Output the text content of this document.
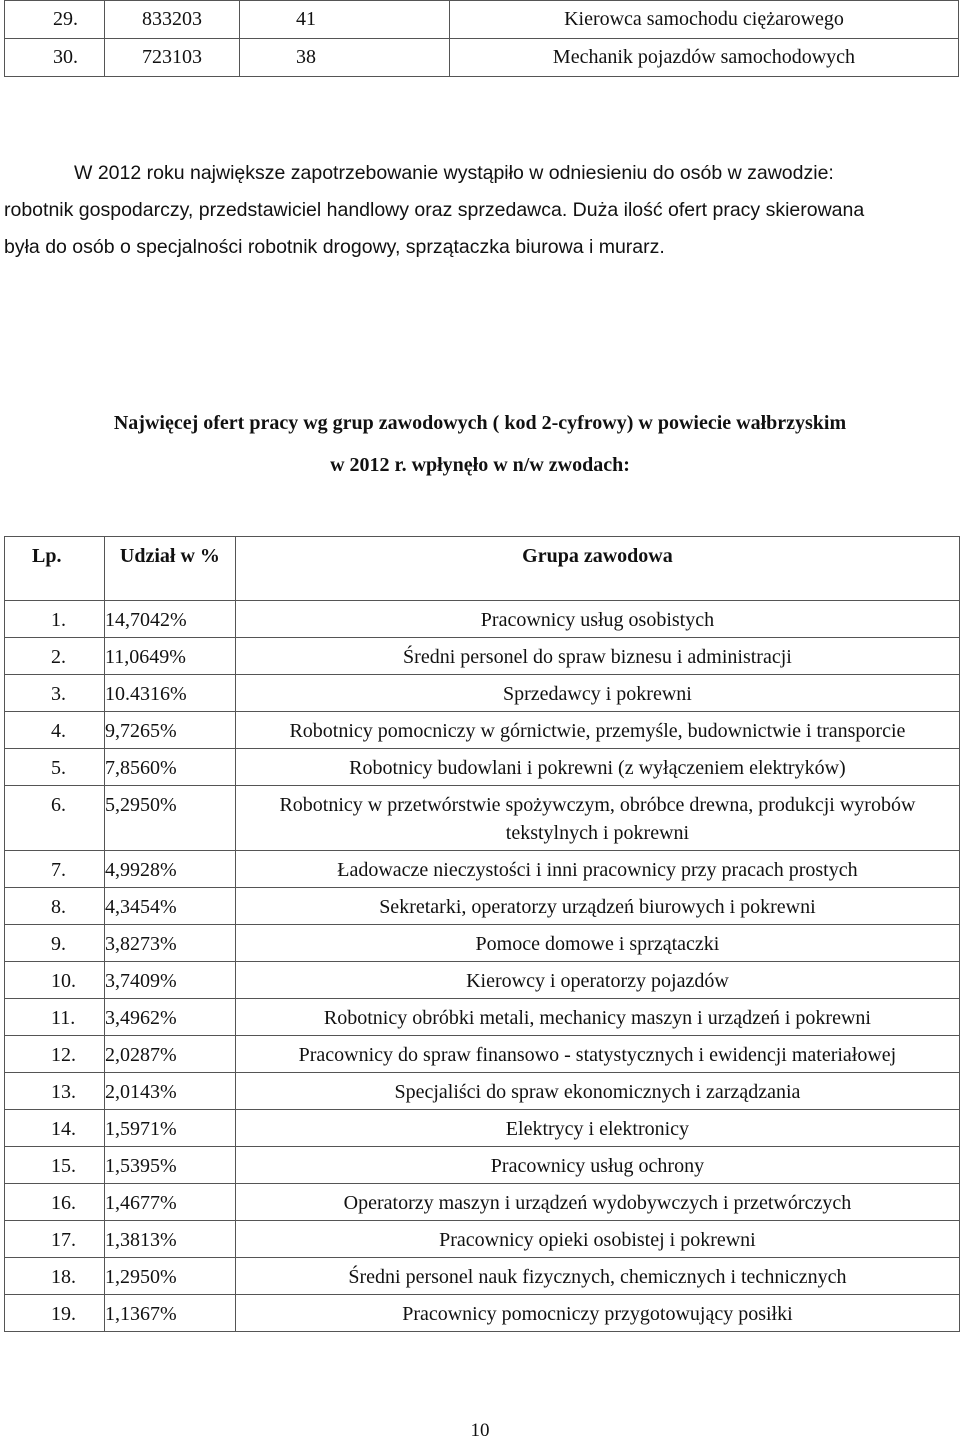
29.	833203	41	Kierowca samochodu ciężarowego
30.	723103	38	Mechanik pojazdów samochodowych

W 2012 roku największe zapotrzebowanie wystąpiło w odniesieniu do osób w zawodzie:
robotnik gospodarczy, przedstawiciel handlowy oraz sprzedawca. Duża ilość ofert pracy skierowana
była do osób o specjalności robotnik drogowy, sprzątaczka biurowa i murarz.

Najwięcej ofert pracy wg grup zawodowych ( kod 2-cyfrowy) w powiecie wałbrzyskim
w 2012 r. wpłynęło w n/w zwodach:
Lp.	Udział w %	Grupa zawodowa
1.	14,7042%	Pracownicy usług osobistych
2.	11,0649%	Średni personel do spraw biznesu i administracji
3.	10.4316%	Sprzedawcy i pokrewni
4.	9,7265%	Robotnicy pomocniczy w górnictwie, przemyśle, budownictwie i transporcie
5.	7,8560%	Robotnicy budowlani i pokrewni (z wyłączeniem elektryków)
6.	5,2950%	Robotnicy w przetwórstwie spożywczym, obróbce drewna, produkcji wyrobów tekstylnych i pokrewni
7.	4,9928%	Ładowacze nieczystości i inni pracownicy przy pracach prostych
8.	4,3454%	Sekretarki, operatorzy urządzeń biurowych i pokrewni
9.	3,8273%	Pomoce domowe i sprzątaczki
10.	3,7409%	Kierowcy i operatorzy pojazdów
11.	3,4962%	Robotnicy obróbki metali, mechanicy maszyn i urządzeń i pokrewni
12.	2,0287%	Pracownicy do spraw finansowo - statystycznych i ewidencji materiałowej
13.	2,0143%	Specjaliści do spraw ekonomicznych i zarządzania
14.	1,5971%	Elektrycy i elektronicy
15.	1,5395%	Pracownicy usług ochrony
16.	1,4677%	Operatorzy maszyn i urządzeń wydobywczych i przetwórczych
17.	1,3813%	Pracownicy opieki osobistej i pokrewni
18.	1,2950%	Średni personel nauk fizycznych, chemicznych i technicznych
19.	1,1367%	Pracownicy pomocniczy przygotowujący posiłki
10
